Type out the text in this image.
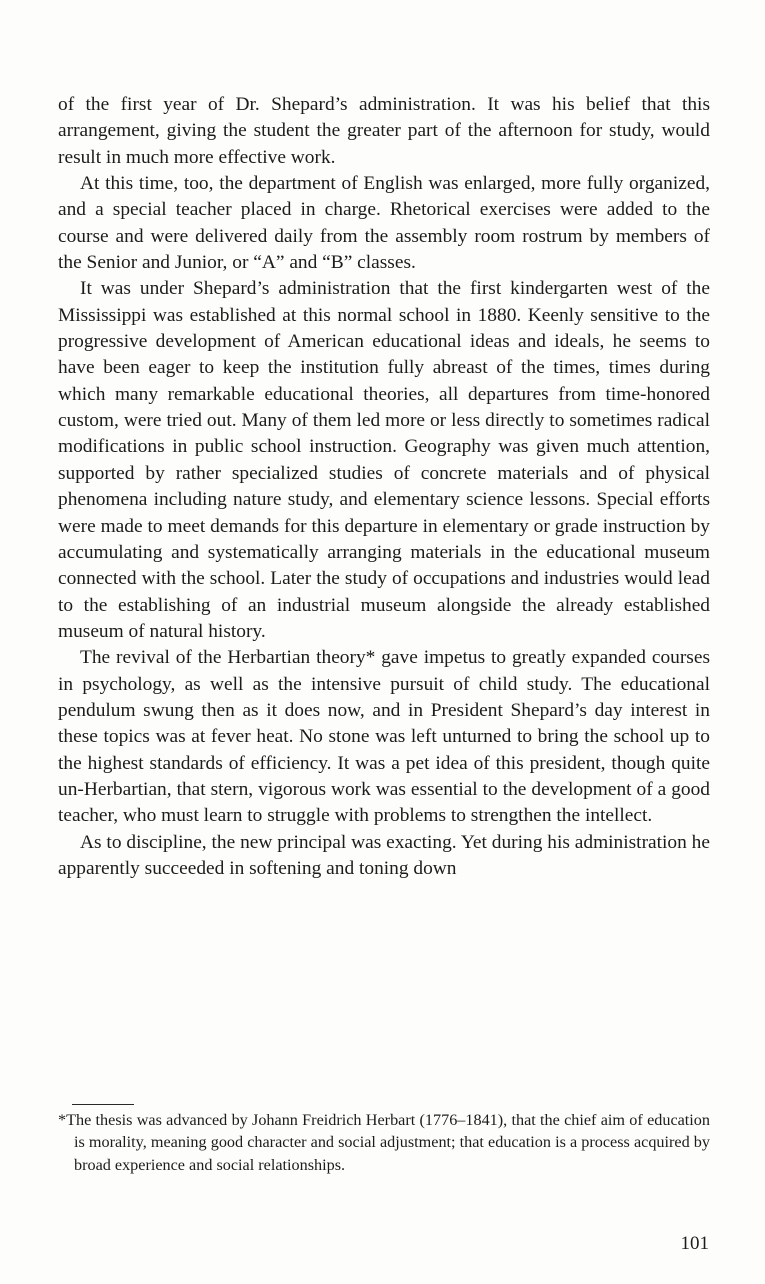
of the first year of Dr. Shepard’s administration. It was his belief that this arrangement, giving the student the greater part of the afternoon for study, would result in much more effective work.

At this time, too, the department of English was enlarged, more fully organized, and a special teacher placed in charge. Rhetorical exercises were added to the course and were delivered daily from the assembly room rostrum by members of the Senior and Junior, or “A” and “B” classes.

It was under Shepard’s administration that the first kindergarten west of the Mississippi was established at this normal school in 1880. Keenly sensitive to the progressive development of American educational ideas and ideals, he seems to have been eager to keep the institution fully abreast of the times, times during which many remarkable educational theories, all departures from time-honored custom, were tried out. Many of them led more or less directly to sometimes radical modifications in public school instruction. Geography was given much attention, supported by rather specialized studies of concrete materials and of physical phenomena including nature study, and elementary science lessons. Special efforts were made to meet demands for this departure in elementary or grade instruction by accumulating and systematically arranging materials in the educational museum connected with the school. Later the study of occupations and industries would lead to the establishing of an industrial museum alongside the already established museum of natural history.

The revival of the Herbartian theory* gave impetus to greatly expanded courses in psychology, as well as the intensive pursuit of child study. The educational pendulum swung then as it does now, and in President Shepard’s day interest in these topics was at fever heat. No stone was left unturned to bring the school up to the highest standards of efficiency. It was a pet idea of this president, though quite un-Herbartian, that stern, vigorous work was essential to the development of a good teacher, who must learn to struggle with problems to strengthen the intellect.

As to discipline, the new principal was exacting. Yet during his administration he apparently succeeded in softening and toning down

*The thesis was advanced by Johann Freidrich Herbart (1776–1841), that the chief aim of education is morality, meaning good character and social adjustment; that education is a process acquired by broad experience and social relationships.

101
